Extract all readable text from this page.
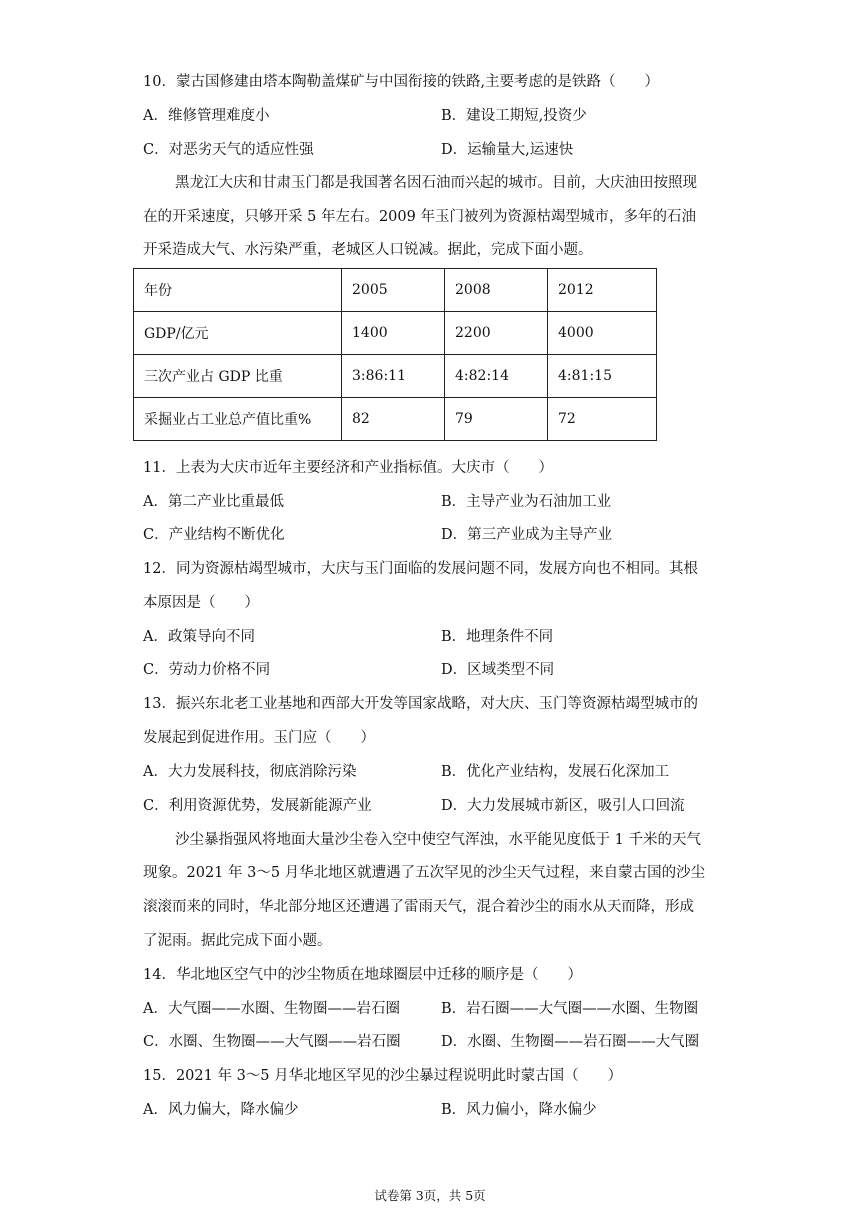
10．蒙古国修建由塔本陶勒盖煤矿与中国衔接的铁路,主要考虑的是铁路（　　）
A．维修管理难度小	B．建设工期短,投资少
C．对恶劣天气的适应性强	D．运输量大,运速快
黑龙江大庆和甘肃玉门都是我国著名因石油而兴起的城市。目前，大庆油田按照现
在的开采速度，只够开采 5 年左右。2009 年玉门被列为资源枯竭型城市，多年的石油
开采造成大气、水污染严重，老城区人口锐减。据此，完成下面小题。
年份	2005	2008	2012
GDP/亿元	1400	2200	4000
三次产业占 GDP 比重	3:86:11	4:82:14	4:81:15
采掘业占工业总产值比重%	82	79	72
11．上表为大庆市近年主要经济和产业指标值。大庆市（　　）
A．第二产业比重最低	B．主导产业为石油加工业
C．产业结构不断优化	D．第三产业成为主导产业
12．同为资源枯竭型城市，大庆与玉门面临的发展问题不同，发展方向也不相同。其根
本原因是（　　）
A．政策导向不同	B．地理条件不同
C．劳动力价格不同	D．区域类型不同
13．振兴东北老工业基地和西部大开发等国家战略，对大庆、玉门等资源枯竭型城市的
发展起到促进作用。玉门应（　　）
A．大力发展科技，彻底消除污染	B．优化产业结构，发展石化深加工
C．利用资源优势，发展新能源产业	D．大力发展城市新区，吸引人口回流
沙尘暴指强风将地面大量沙尘卷入空中使空气浑浊，水平能见度低于 1 千米的天气
现象。2021 年 3～5 月华北地区就遭遇了五次罕见的沙尘天气过程，来自蒙古国的沙尘
滚滚而来的同时，华北部分地区还遭遇了雷雨天气，混合着沙尘的雨水从天而降，形成
了泥雨。据此完成下面小题。
14．华北地区空气中的沙尘物质在地球圈层中迁移的顺序是（　　）
A．大气圈——水圈、生物圈——岩石圈	B．岩石圈——大气圈——水圈、生物圈
C．水圈、生物圈——大气圈——岩石圈	D．水圈、生物圈——岩石圈——大气圈
15．2021 年 3～5 月华北地区罕见的沙尘暴过程说明此时蒙古国（　　）
A．风力偏大，降水偏少	B．风力偏小，降水偏少
试卷第 3页，共 5页
